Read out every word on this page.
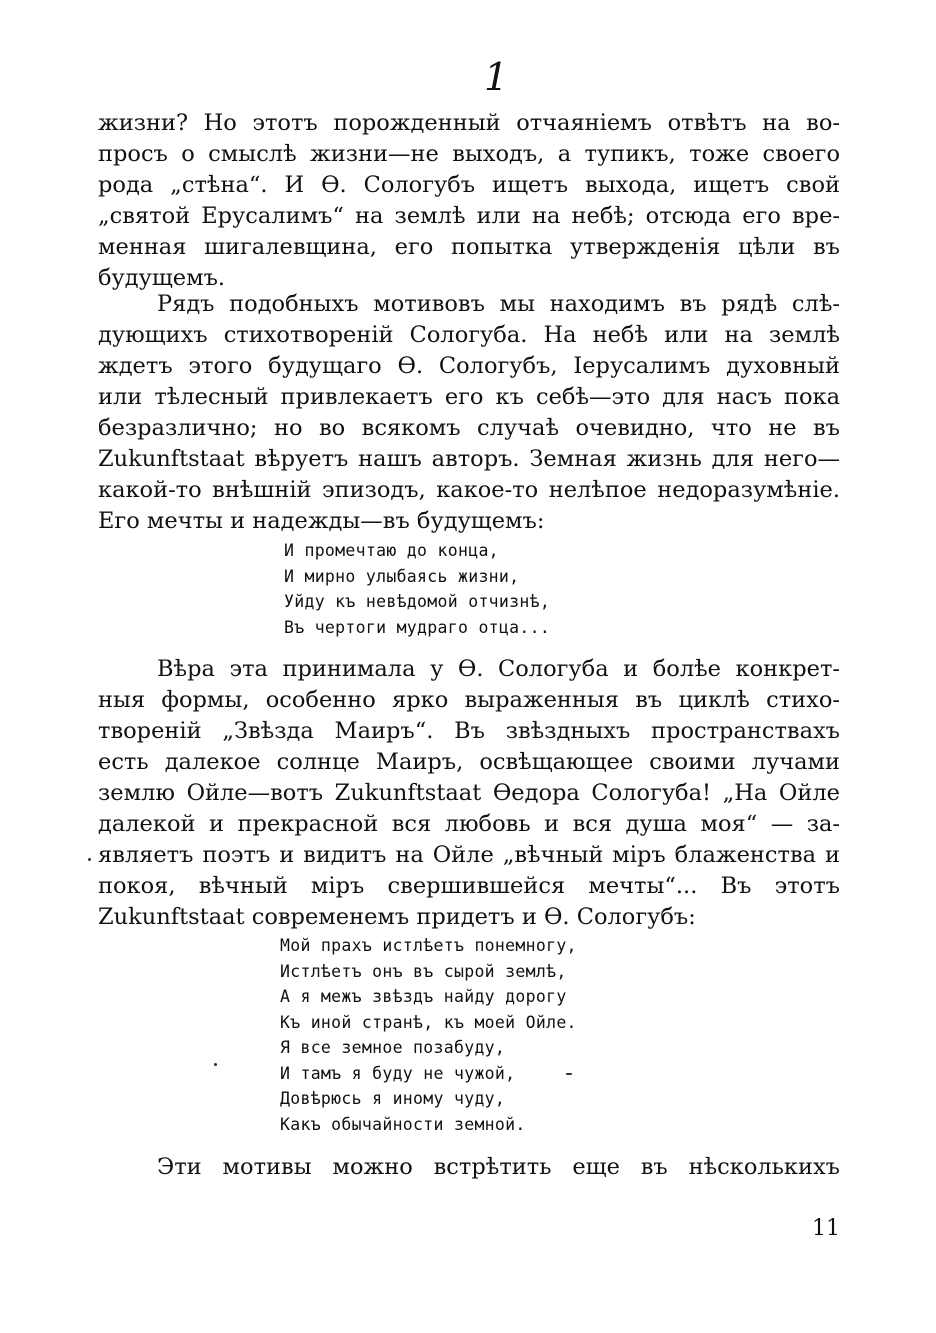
1
жизни? Но этотъ порожденный отчаяніемъ отвѣтъ на во-
просъ о смыслѣ жизни—не выходъ, а тупикъ, тоже своего
рода „стѣна“. И Ѳ. Сологубъ ищетъ выхода, ищетъ свой
„святой Ерусалимъ“ на землѣ или на небѣ; отсюда его вре-
менная шигалевщина, его попытка утвержденія цѣли въ
будущемъ.
Рядъ подобныхъ мотивовъ мы находимъ въ рядѣ слѣ-
дующихъ стихотвореній Сологуба. На небѣ или на землѣ
ждетъ этого будущаго Ѳ. Сологубъ, Іерусалимъ духовный
или тѣлесный привлекаетъ его къ себѣ—это для насъ пока
безразлично; но во всякомъ случаѣ очевидно, что не въ
Zukunftstaat вѣруетъ нашъ авторъ. Земная жизнь для него—
какой-то внѣшній эпизодъ, какое-то нелѣпое недоразумѣніе.
Его мечты и надежды—въ будущемъ:
И промечтаю до конца,
И мирно улыбаясь жизни,
Уйду къ невѣдомой отчизнѣ,
Въ чертоги мудраго отца...
Вѣра эта принимала у Ѳ. Сологуба и болѣе конкрет-
ныя формы, особенно ярко выраженныя въ циклѣ стихо-
твореній „Звѣзда Маиръ“. Въ звѣздныхъ пространствахъ
есть далекое солнце Маиръ, освѣщающее своими лучами
землю Ойле—вотъ Zukunftstaat Ѳедора Сологуба! „На Ойле
далекой и прекрасной вся любовь и вся душа моя“ — за-
являетъ поэтъ и видитъ на Ойле „вѣчный міръ блаженства и
покоя, вѣчный міръ свершившейся мечты“... Въ этотъ
Zukunftstaat современемъ придетъ и Ѳ. Сологубъ:
Мой прахъ истлѣетъ понемногу,
Истлѣетъ онъ въ сырой землѣ,
А я межъ звѣздъ найду дорогу
Къ иной странѣ, къ моей Ойле.
Я все земное позабуду,
И тамъ я буду не чужой,
Довѣрюсь я иному чуду,
Какъ обычайности земной.
Эти мотивы можно встрѣтить еще въ нѣсколькихъ
11
